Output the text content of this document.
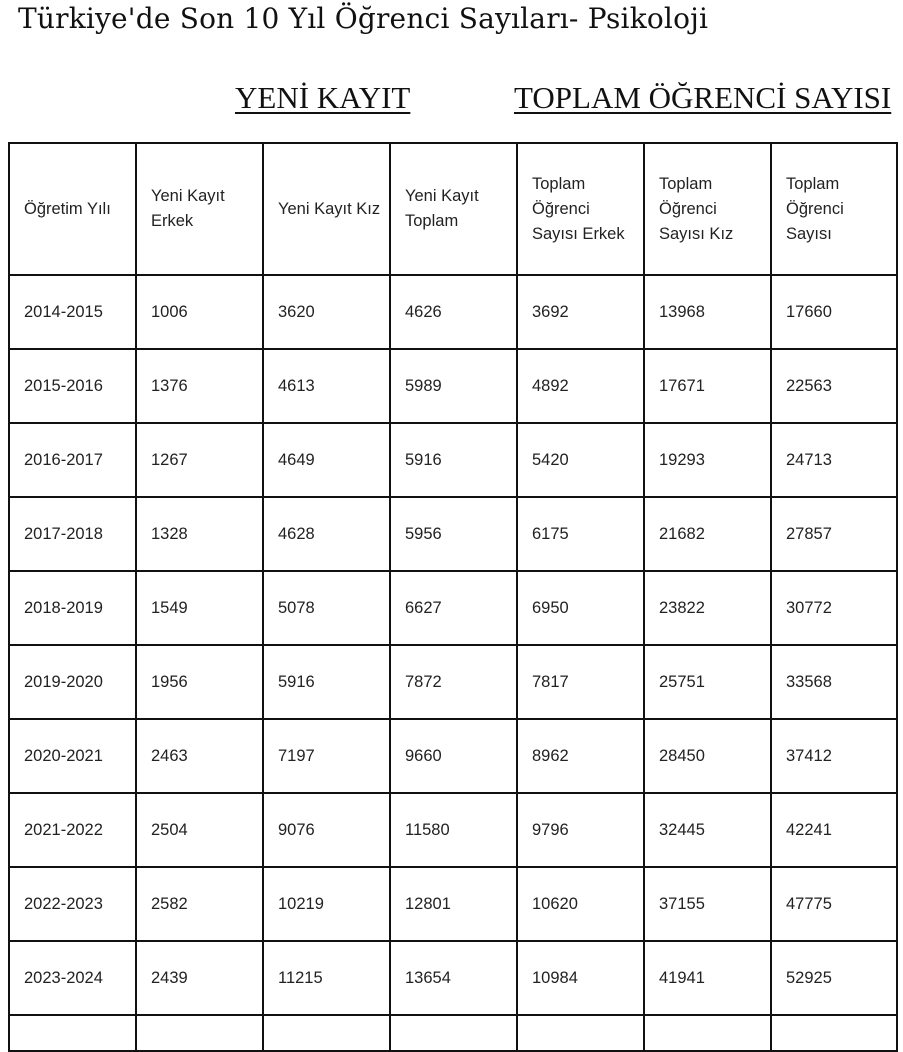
Türkiye'de Son 10 Yıl Öğrenci Sayıları- Psikoloji
YENİ KAYIT	TOPLAM ÖĞRENCİ SAYISI
Öğretim Yılı	Yeni Kayıt Erkek	Yeni Kayıt Kız	Yeni Kayıt Toplam	Toplam Öğrenci Sayısı Erkek	Toplam Öğrenci Sayısı Kız	Toplam Öğrenci Sayısı
2014-2015	1006	3620	4626	3692	13968	17660
2015-2016	1376	4613	5989	4892	17671	22563
2016-2017	1267	4649	5916	5420	19293	24713
2017-2018	1328	4628	5956	6175	21682	27857
2018-2019	1549	5078	6627	6950	23822	30772
2019-2020	1956	5916	7872	7817	25751	33568
2020-2021	2463	7197	9660	8962	28450	37412
2021-2022	2504	9076	11580	9796	32445	42241
2022-2023	2582	10219	12801	10620	37155	47775
2023-2024	2439	11215	13654	10984	41941	52925
